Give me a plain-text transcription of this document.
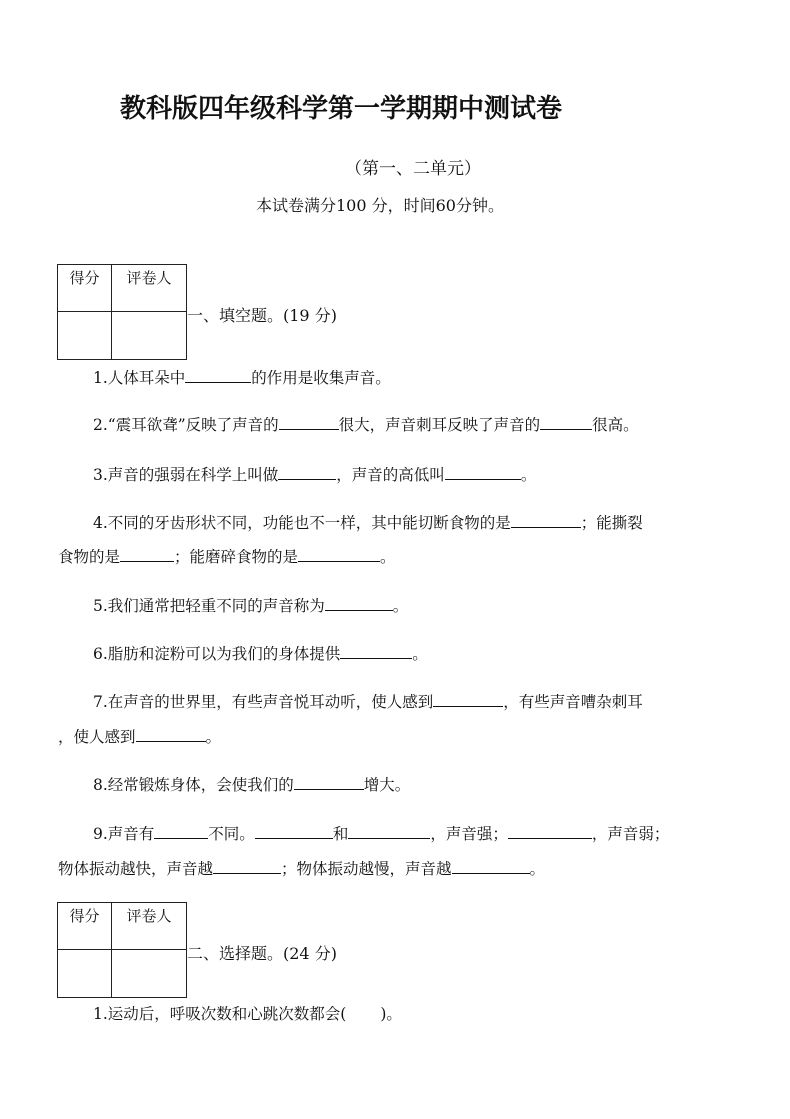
教科版四年级科学第一学期期中测试卷
（第一、二单元）
本试卷满分100 分，时间60分钟。
得分	评卷人

一、填空题。(19 分)
1.人体耳朵中	的作用是收集声音。
2.“震耳欲聋”反映了声音的	很大，声音刺耳反映了声音的	很高。
3.声音的强弱在科学上叫做	，声音的高低叫	。
4.不同的牙齿形状不同，功能也不一样，其中能切断食物的是	；能撕裂
食物的是	；能磨碎食物的是	。
5.我们通常把轻重不同的声音称为	。
6.脂肪和淀粉可以为我们的身体提供	。
7.在声音的世界里，有些声音悦耳动听，使人感到	，有些声音嘈杂刺耳
，使人感到	。
8.经常锻炼身体，会使我们的	增大。
9.声音有	不同。	和	，声音强；	，声音弱；
物体振动越快，声音越	；物体振动越慢，声音越	。
得分	评卷人

二、选择题。(24 分)
1.运动后，呼吸次数和心跳次数都会( )。
